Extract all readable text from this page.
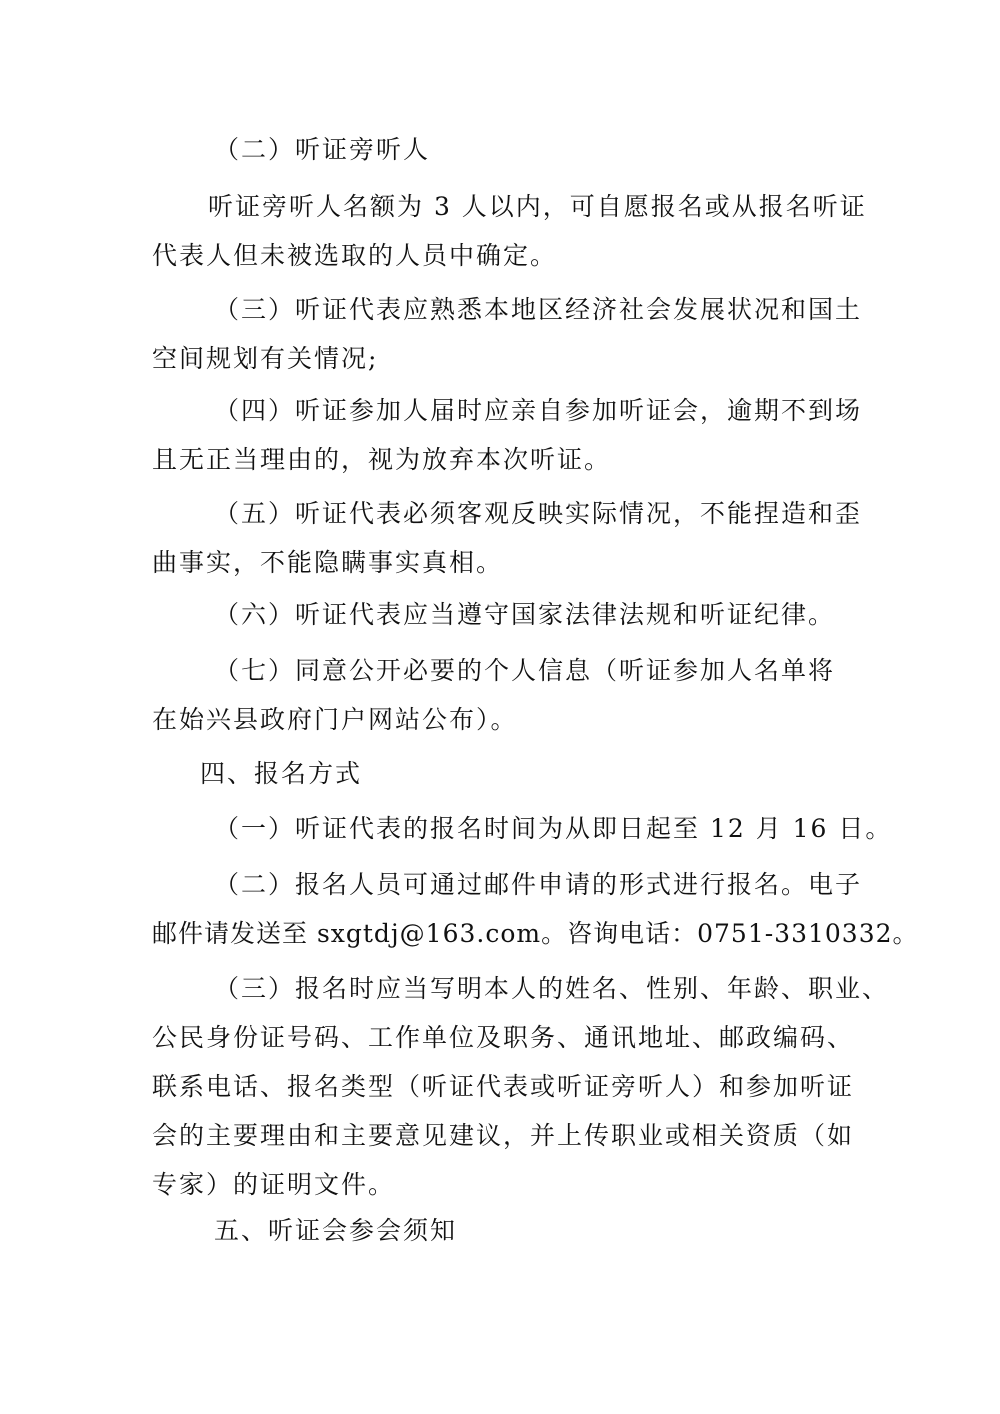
（二）听证旁听人

听证旁听人名额为 3 人以内，可自愿报名或从报名听证
代表人但未被选取的人员中确定。

（三）听证代表应熟悉本地区经济社会发展状况和国土
空间规划有关情况;

（四）听证参加人届时应亲自参加听证会，逾期不到场
且无正当理由的，视为放弃本次听证。

（五）听证代表必须客观反映实际情况，不能捏造和歪
曲事实，不能隐瞒事实真相。

（六）听证代表应当遵守国家法律法规和听证纪律。

（七）同意公开必要的个人信息（听证参加人名单将
在始兴县政府门户网站公布）。

四、报名方式

（一）听证代表的报名时间为从即日起至 12 月 16 日。

（二）报名人员可通过邮件申请的形式进行报名。电子
邮件请发送至 sxgtdj@163.com。咨询电话：0751-3310332。

（三）报名时应当写明本人的姓名、性别、年龄、职业、
公民身份证号码、工作单位及职务、通讯地址、邮政编码、
联系电话、报名类型（听证代表或听证旁听人）和参加听证
会的主要理由和主要意见建议，并上传职业或相关资质（如
专家）的证明文件。

五、听证会参会须知
